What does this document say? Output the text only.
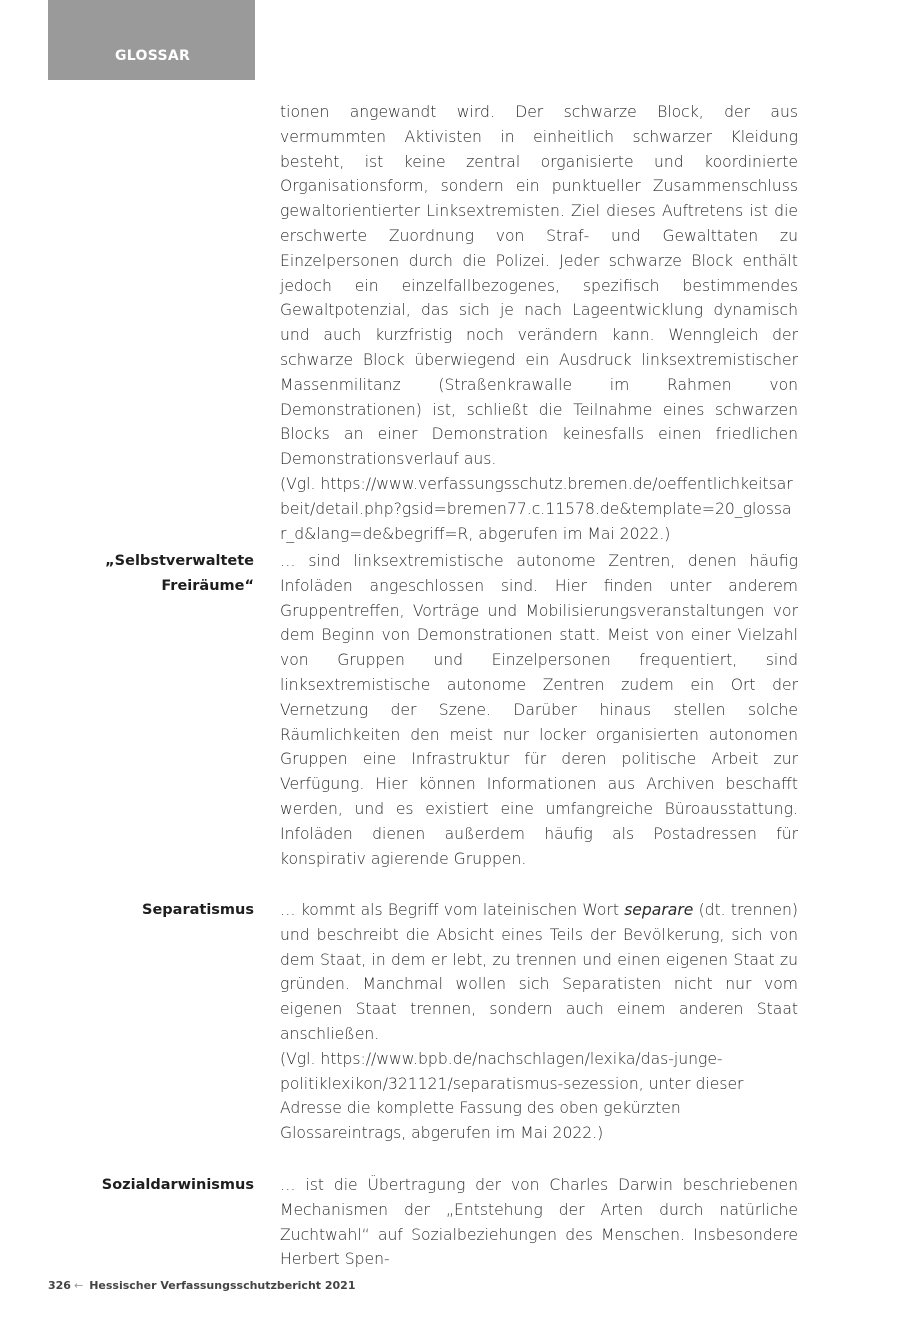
GLOSSAR

tionen angewandt wird. Der schwarze Block, der aus vermummten Aktivisten in einheitlich schwarzer Kleidung besteht, ist keine zentral organisierte und koordinierte Organisationsform, sondern ein punktueller Zusammenschluss gewaltorientierter Linksextremisten. Ziel dieses Auftretens ist die erschwerte Zuordnung von Straf- und Gewalttaten zu Einzelpersonen durch die Polizei. Jeder schwarze Block enthält jedoch ein einzelfallbezogenes, spezifisch bestimmendes Gewaltpotenzial, das sich je nach Lageentwicklung dynamisch und auch kurzfristig noch verändern kann. Wenngleich der schwarze Block überwiegend ein Ausdruck linksextremistischer Massenmilitanz (Straßenkrawalle im Rahmen von Demonstrationen) ist, schließt die Teilnahme eines schwarzen Blocks an einer Demonstration keinesfalls einen friedlichen Demonstrationsverlauf aus.

(Vgl. https://www.verfassungsschutz.bremen.de/oeffentlichkeitsarbeit/detail.php?gsid=bremen77.c.11578.de&template=20_glossar_d&lang=de&begriff=R, abgerufen im Mai 2022.)

„Selbstverwaltete Freiräume“

… sind linksextremistische autonome Zentren, denen häufig Infoläden angeschlossen sind. Hier finden unter anderem Gruppentreffen, Vorträge und Mobilisierungsveranstaltungen vor dem Beginn von Demonstrationen statt. Meist von einer Vielzahl von Gruppen und Einzelpersonen frequentiert, sind linksextremistische autonome Zentren zudem ein Ort der Vernetzung der Szene. Darüber hinaus stellen solche Räumlichkeiten den meist nur locker organisierten autonomen Gruppen eine Infrastruktur für deren politische Arbeit zur Verfügung. Hier können Informationen aus Archiven beschafft werden, und es existiert eine umfangreiche Büroausstattung. Infoläden dienen außerdem häufig als Postadressen für konspirativ agierende Gruppen.

Separatismus … kommt als Begriff vom lateinischen Wort separare (dt. trennen) und beschreibt die Absicht eines Teils der Bevölkerung, sich von dem Staat, in dem er lebt, zu trennen und einen eigenen Staat zu gründen. Manchmal wollen sich Separatisten nicht nur vom eigenen Staat trennen, sondern auch einem anderen Staat anschließen.

(Vgl. https://www.bpb.de/nachschlagen/lexika/das-junge-politiklexikon/321121/separatismus-sezession, unter dieser Adresse die komplette Fassung des oben gekürzten Glossareintrags, abgerufen im Mai 2022.)

Sozialdarwinismus … ist die Übertragung der von Charles Darwin beschriebenen Mechanismen der „Entstehung der Arten durch natürliche Zuchtwahl“ auf Sozialbeziehungen des Menschen. Insbesondere Herbert Spen-

326 ← Hessischer Verfassungsschutzbericht 2021
